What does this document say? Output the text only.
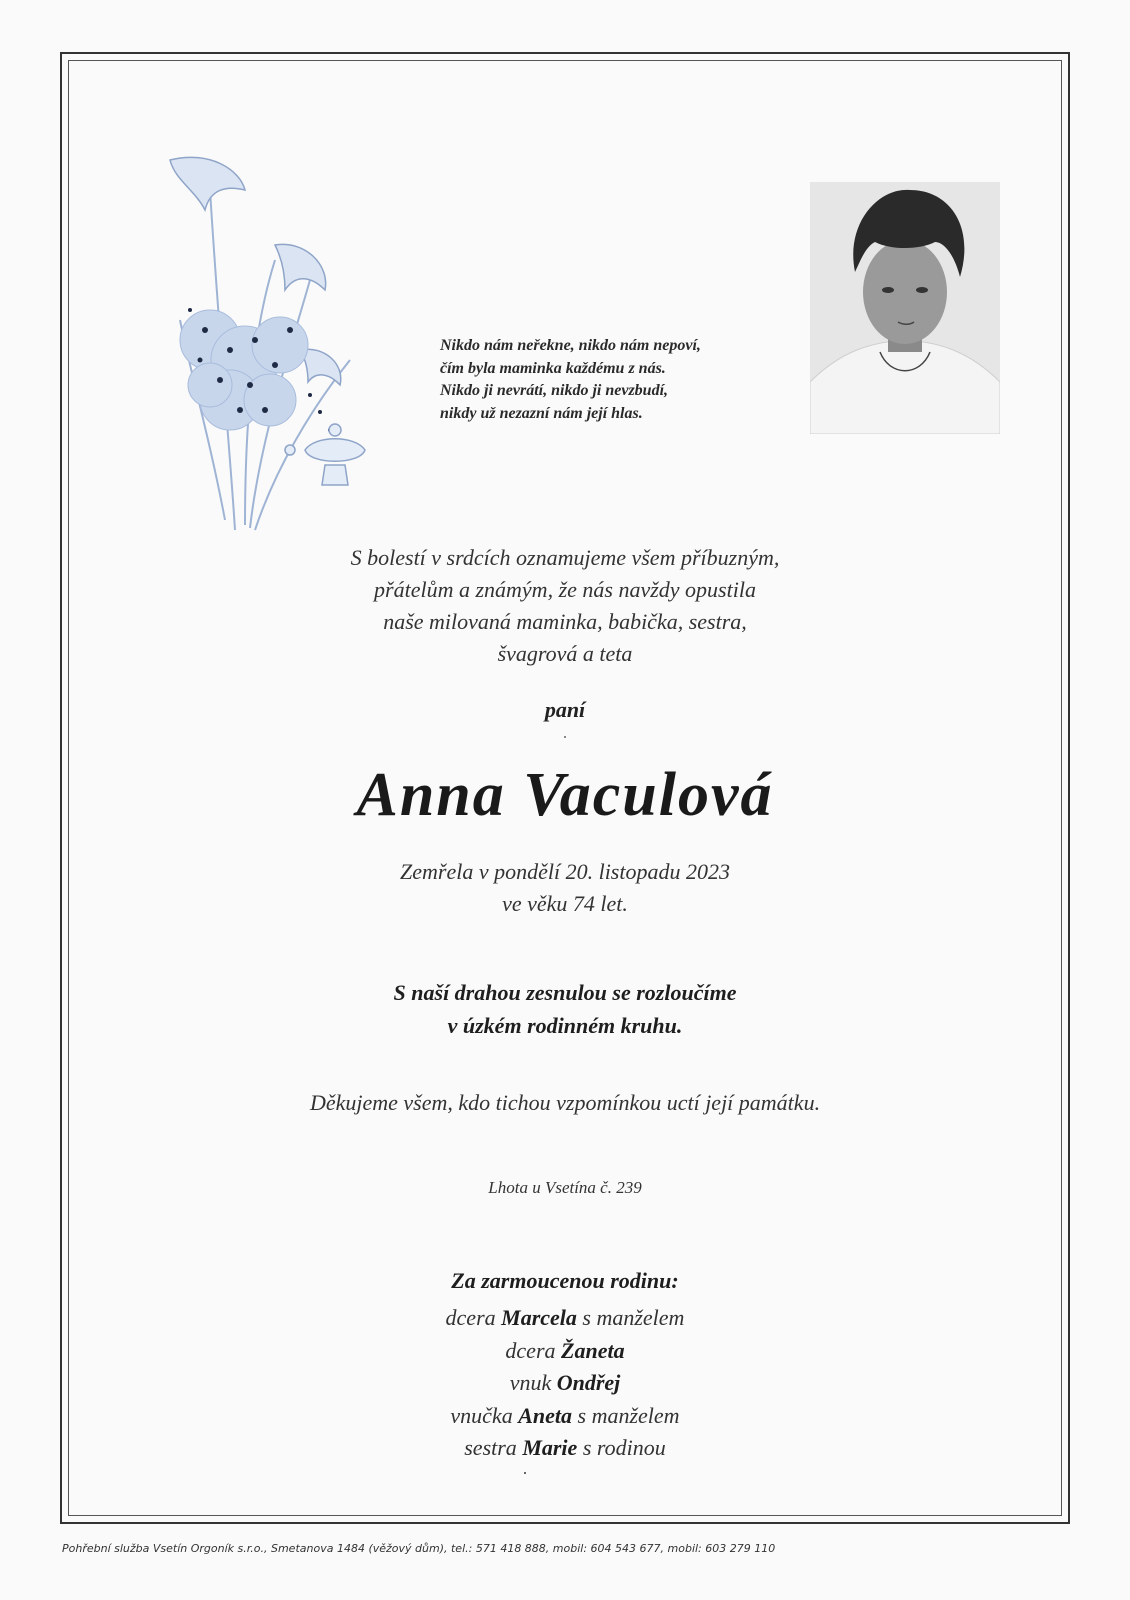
Nikdo nám neřekne, nikdo nám nepoví,
čím byla maminka každému z nás.
Nikdo ji nevrátí, nikdo ji nevzbudí,
nikdy už nezazní nám její hlas.
S bolestí v srdcích oznamujeme všem příbuzným,
přátelům a známým, že nás navždy opustila
naše milovaná maminka, babička, sestra,
švagrová a teta
paní
Anna Vaculová
Zemřela v pondělí 20. listopadu 2023
ve věku 74 let.
S naší drahou zesnulou se rozloučíme
v úzkém rodinném kruhu.
Děkujeme všem, kdo tichou vzpomínkou uctí její památku.
Lhota u Vsetína č. 239
Za zarmoucenou rodinu:
dcera Marcela s manželem
dcera Žaneta
vnuk Ondřej
vnučka Aneta s manželem
sestra Marie s rodinou
Pohřební služba Vsetín Orgoník s.r.o., Smetanova 1484 (věžový dům), tel.: 571 418 888, mobil: 604 543 677, mobil: 603 279 110
